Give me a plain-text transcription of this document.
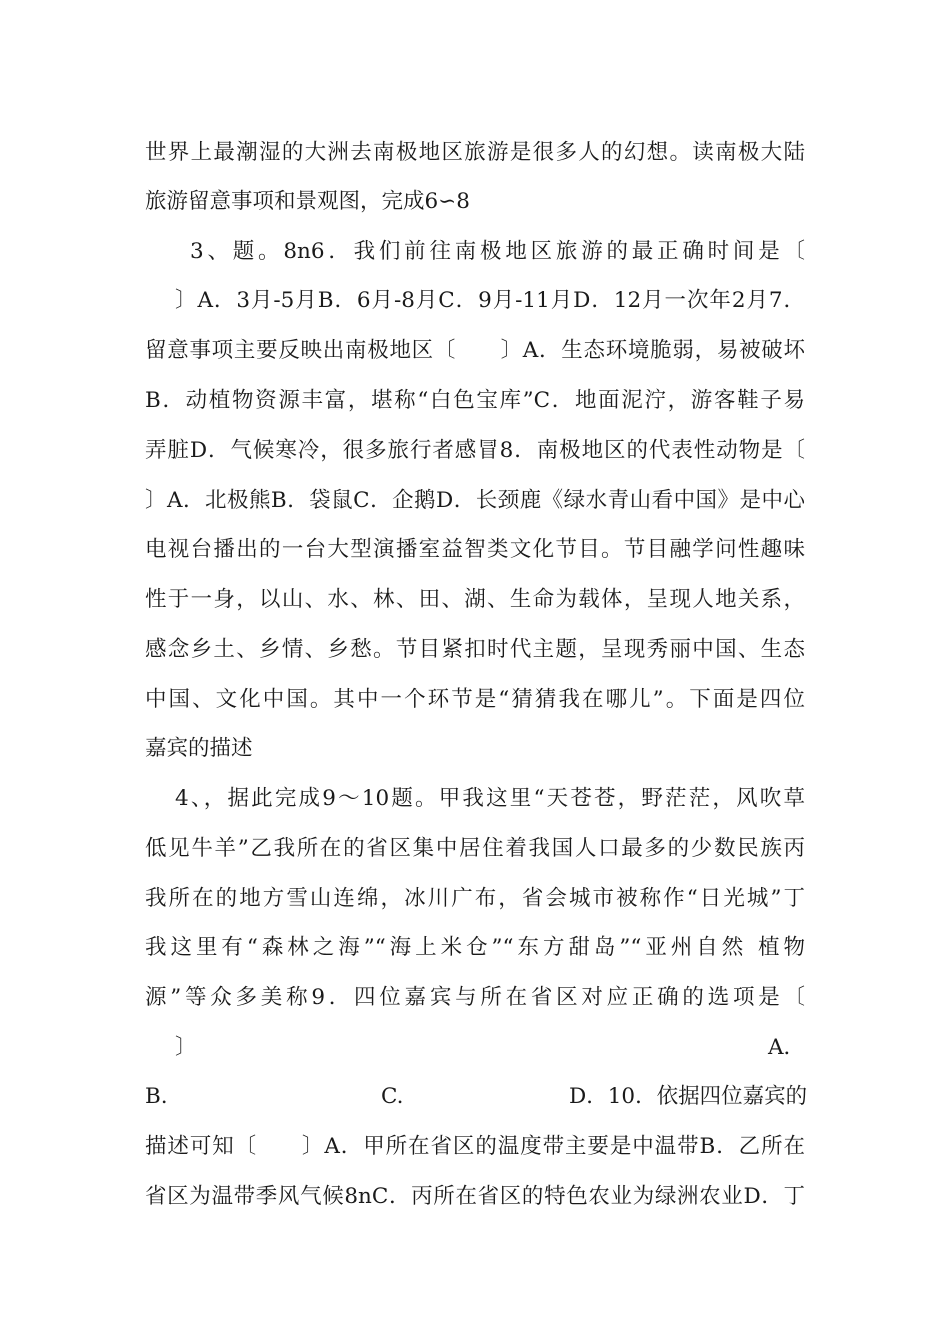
世界上最潮湿的大洲去南极地区旅游是很多人的幻想。读南极大陆
旅游留意事项和景观图，完成6∽8
3、题。8n6．我们前往南极地区旅游的最正确时间是〔
〕A．3月-5月B．6月-8月C．9月-11月D．12月一次年2月7．
留意事项主要反映出南极地区〔　　〕A．生态环境脆弱，易被破坏
B．动植物资源丰富，堪称“白色宝库”C．地面泥泞，游客鞋子易
弄脏D．气候寒冷，很多旅行者感冒8．南极地区的代表性动物是〔
〕A．北极熊B．袋鼠C．企鹅D．长颈鹿《绿水青山看中国》是中心
电视台播出的一台大型演播室益智类文化节目。节目融学问性趣味
性于一身，以山、水、林、田、湖、生命为载体，呈现人地关系，
感念乡土、乡情、乡愁。节目紧扣时代主题，呈现秀丽中国、生态
中国、文化中国。其中一个环节是“猜猜我在哪儿”。下面是四位
嘉宾的描述
4、，据此完成9～10题。甲我这里“天苍苍，野茫茫，风吹草
低见牛羊”乙我所在的省区集中居住着我国人口最多的少数民族丙
我所在的地方雪山连绵，冰川广布，省会城市被称作“日光城”丁
我这里有“森林之海”“海上米仓”“东方甜岛”“亚州自然 植物
源”等众多美称9．四位嘉宾与所在省区对应正确的选项是〔
〕	A．
B.	C.	D．10．依据四位嘉宾的
描述可知〔　　〕A．甲所在省区的温度带主要是中温带B．乙所在
省区为温带季风气候8nC．丙所在省区的特色农业为绿洲农业D．丁
